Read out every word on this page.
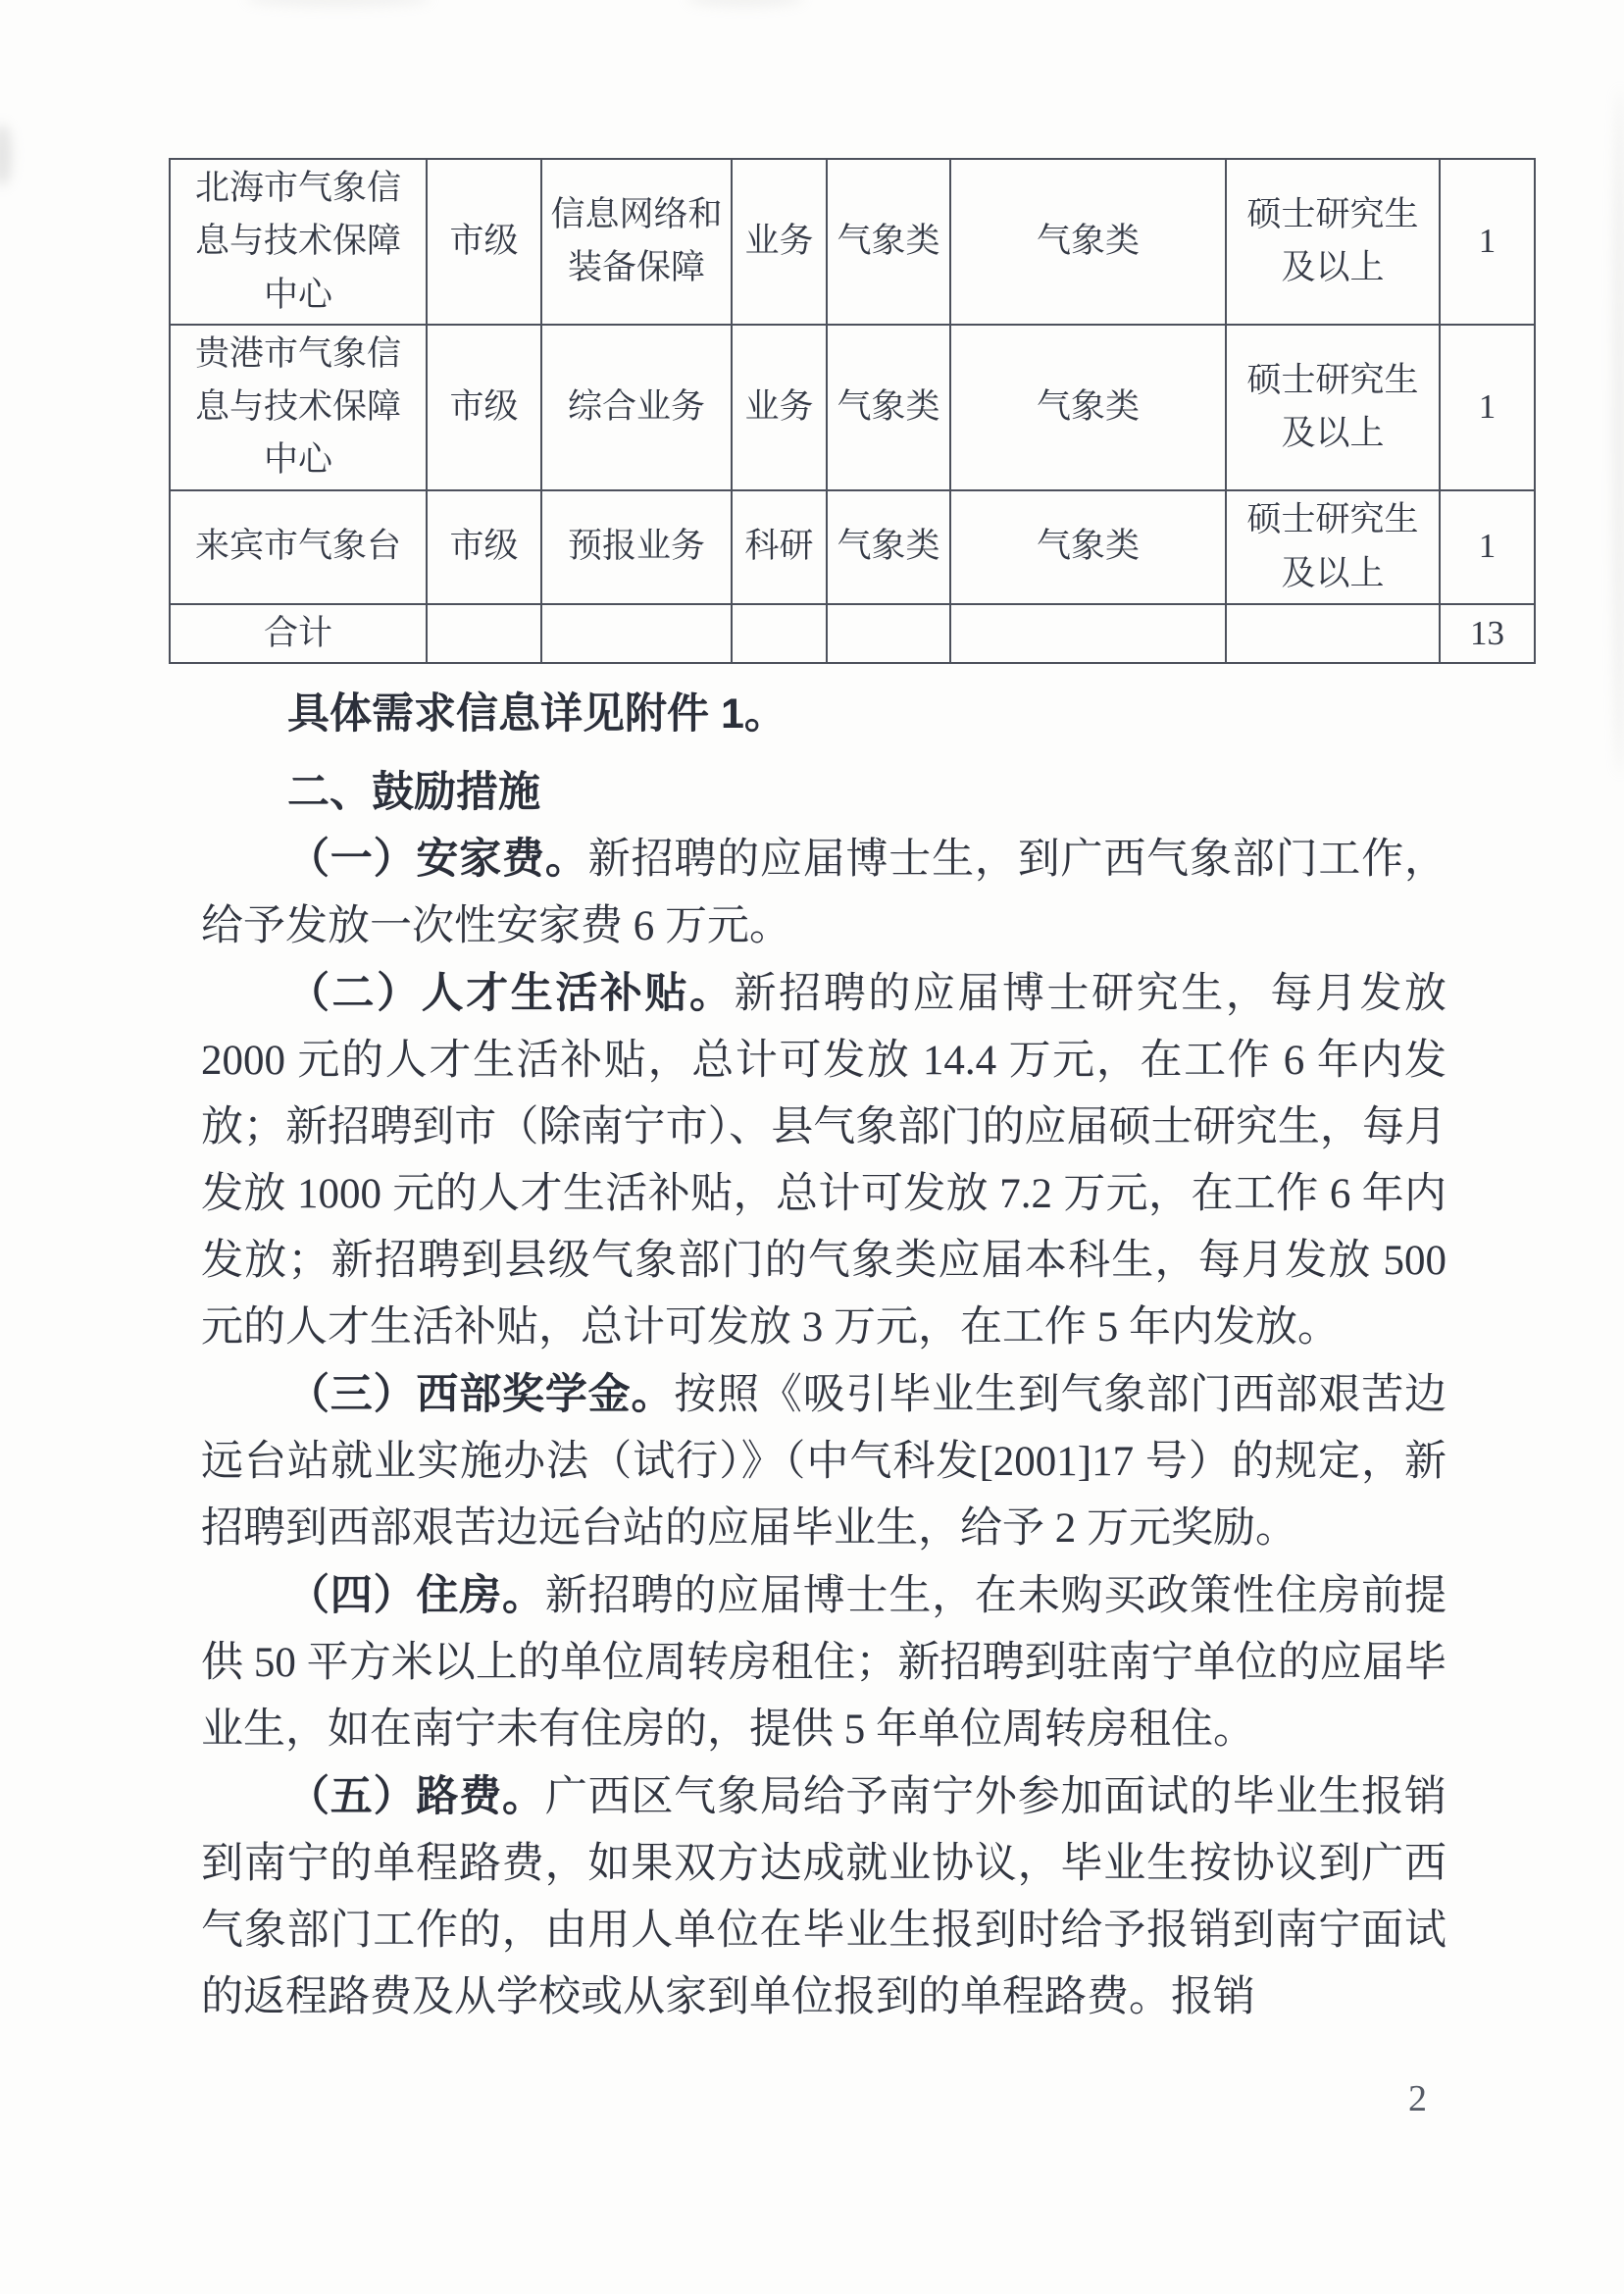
北海市气象信息与技术保障中心	市级	信息网络和装备保障	业务	气象类	气象类	硕士研究生及以上	1
贵港市气象信息与技术保障中心	市级	综合业务	业务	气象类	气象类	硕士研究生及以上	1
来宾市气象台	市级	预报业务	科研	气象类	气象类	硕士研究生及以上	1
合计							13

具体需求信息详见附件 1。

二、鼓励措施

（一）安家费。新招聘的应届博士生，到广西气象部门工作，给予发放一次性安家费 6 万元。

（二）人才生活补贴。新招聘的应届博士研究生，每月发放 2000 元的人才生活补贴，总计可发放 14.4 万元，在工作 6 年内发放；新招聘到市（除南宁市）、县气象部门的应届硕士研究生，每月发放 1000 元的人才生活补贴，总计可发放 7.2 万元，在工作 6 年内发放；新招聘到县级气象部门的气象类应届本科生，每月发放 500 元的人才生活补贴，总计可发放 3 万元，在工作 5 年内发放。

（三）西部奖学金。按照《吸引毕业生到气象部门西部艰苦边远台站就业实施办法（试行）》（中气科发[2001]17 号）的规定，新招聘到西部艰苦边远台站的应届毕业生，给予 2 万元奖励。

（四）住房。新招聘的应届博士生，在未购买政策性住房前提供 50 平方米以上的单位周转房租住；新招聘到驻南宁单位的应届毕业生，如在南宁未有住房的，提供 5 年单位周转房租住。

（五）路费。广西区气象局给予南宁外参加面试的毕业生报销到南宁的单程路费，如果双方达成就业协议，毕业生按协议到广西气象部门工作的，由用人单位在毕业生报到时给予报销到南宁面试的返程路费及从学校或从家到单位报到的单程路费。报销

2
